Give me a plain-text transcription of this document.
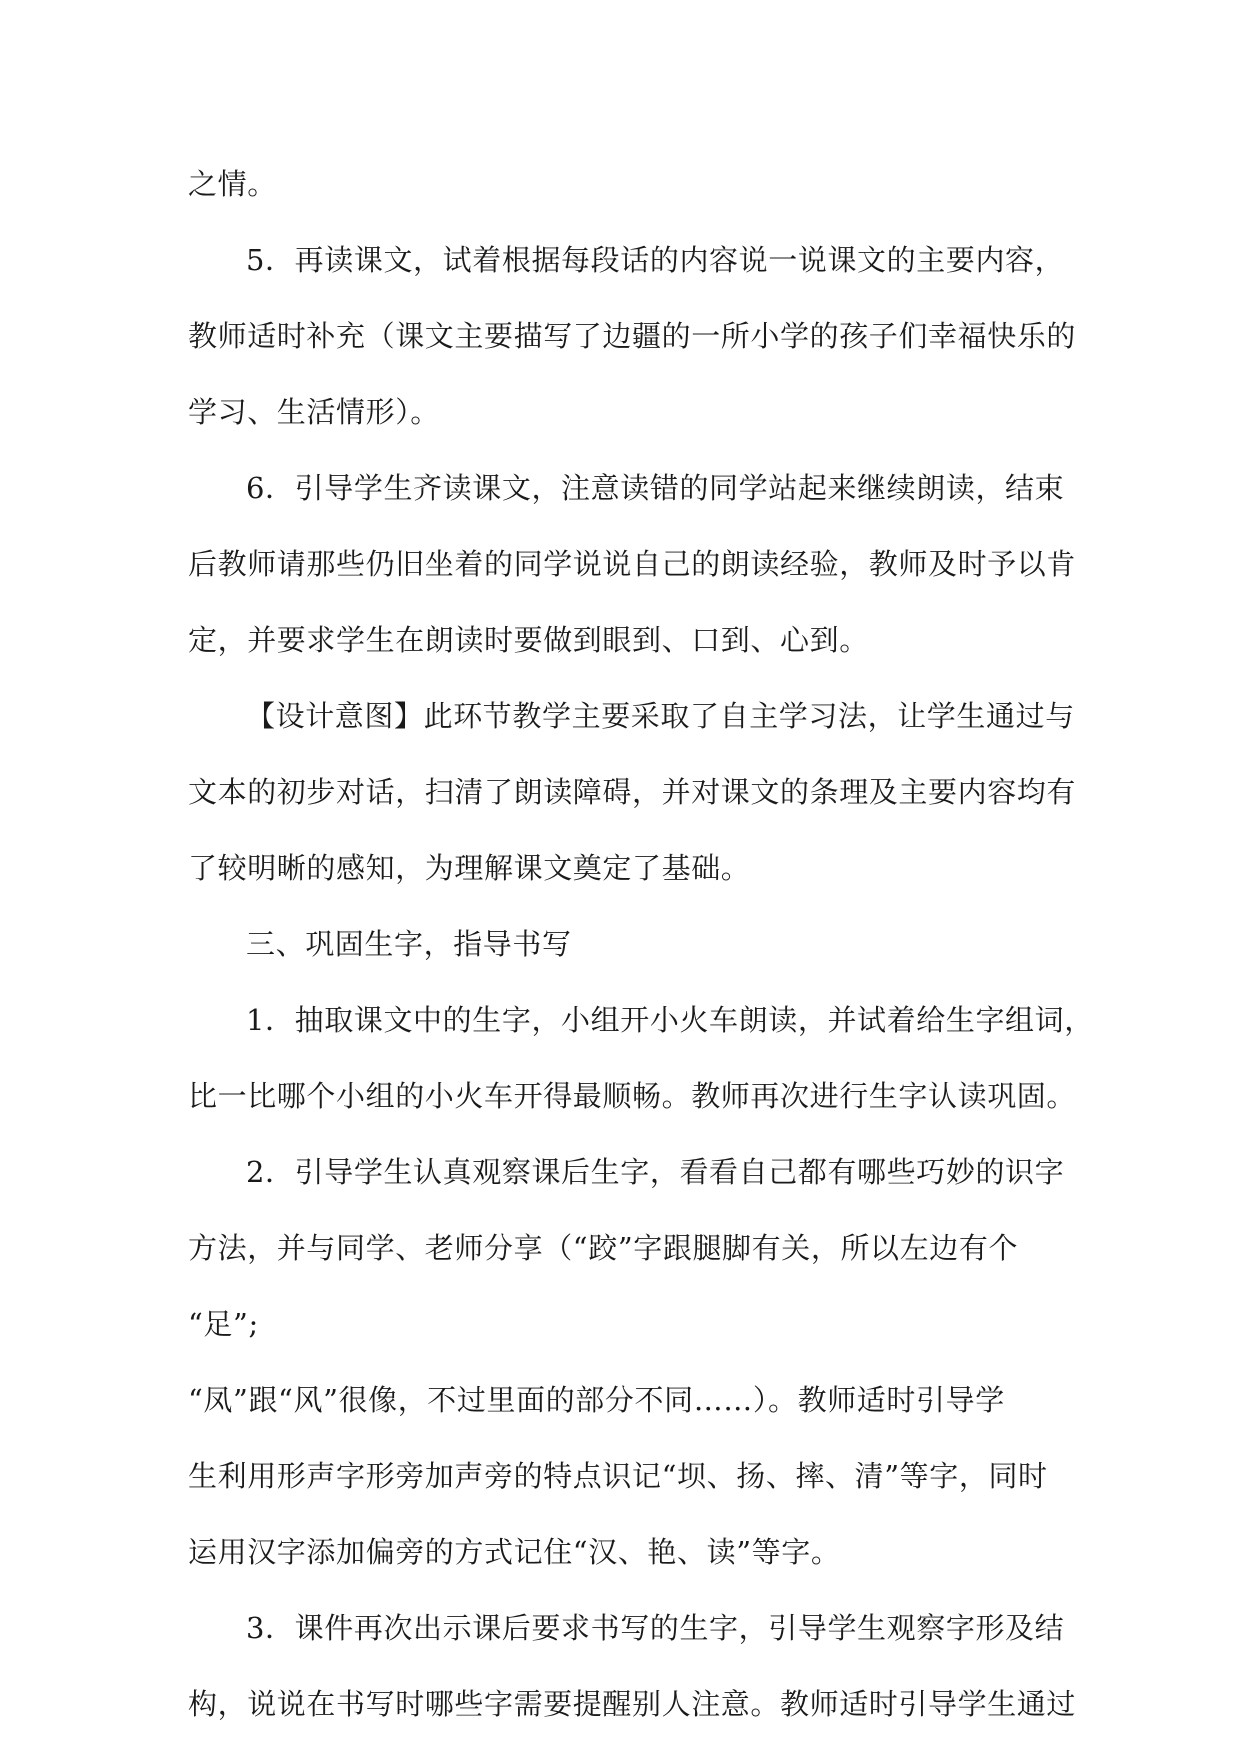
之情。

5．再读课文，试着根据每段话的内容说一说课文的主要内容，

教师适时补充（课文主要描写了边疆的一所小学的孩子们幸福快乐的

学习、生活情形）。

6．引导学生齐读课文，注意读错的同学站起来继续朗读，结束

后教师请那些仍旧坐着的同学说说自己的朗读经验，教师及时予以肯

定，并要求学生在朗读时要做到眼到、口到、心到。

【设计意图】此环节教学主要采取了自主学习法，让学生通过与

文本的初步对话，扫清了朗读障碍，并对课文的条理及主要内容均有

了较明晰的感知，为理解课文奠定了基础。

三、巩固生字，指导书写

1．抽取课文中的生字，小组开小火车朗读，并试着给生字组词，

比一比哪个小组的小火车开得最顺畅。教师再次进行生字认读巩固。

2．引导学生认真观察课后生字，看看自己都有哪些巧妙的识字

方法，并与同学、老师分享（“跤”字跟腿脚有关，所以左边有个

“足”;

“凤”跟“风”很像，不过里面的部分不同……）。教师适时引导学

生利用形声字形旁加声旁的特点识记“坝、扬、摔、清”等字，同时

运用汉字添加偏旁的方式记住“汉、艳、读”等字。

3．课件再次出示课后要求书写的生字，引导学生观察字形及结

构，说说在书写时哪些字需要提醒别人注意。教师适时引导学生通过
